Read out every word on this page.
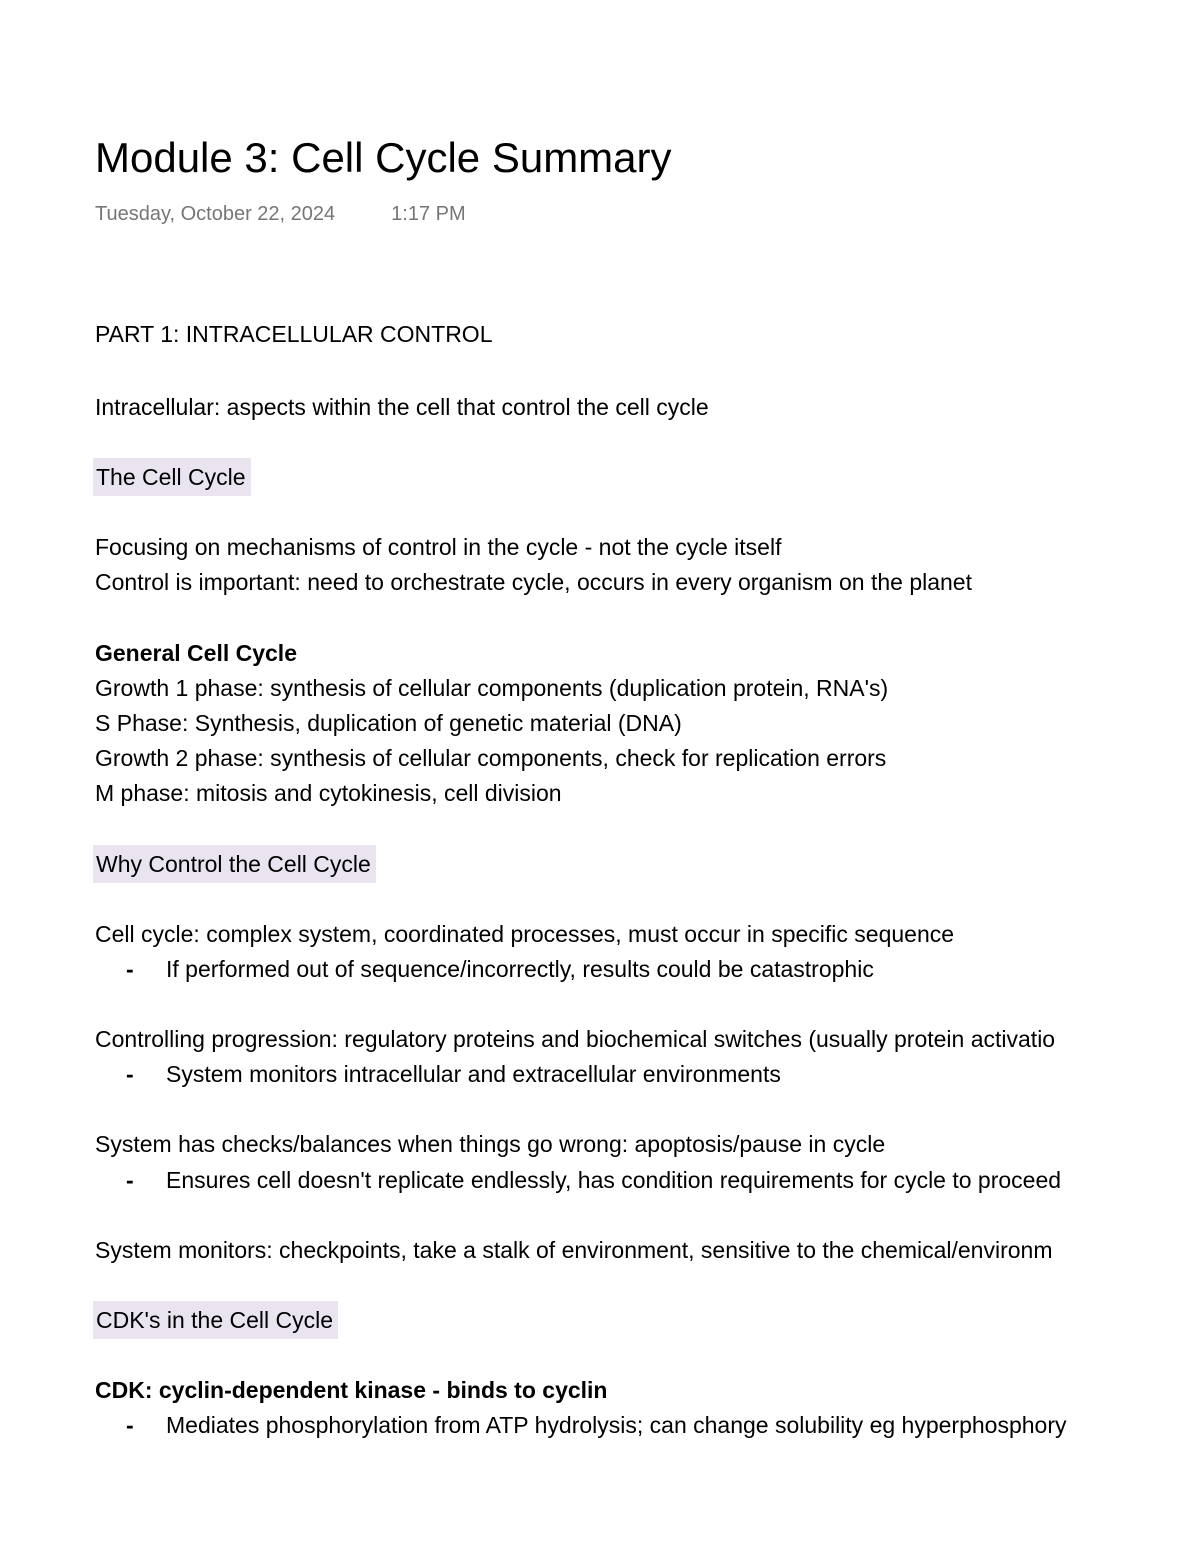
Module 3: Cell Cycle Summary
Tuesday, October 22, 2024	1:17 PM
PART 1: INTRACELLULAR CONTROL
Intracellular: aspects within the cell that control the cell cycle
The Cell Cycle
Focusing on mechanisms of control in the cycle - not the cycle itself
Control is important: need to orchestrate cycle, occurs in every organism on the planet
General Cell Cycle
Growth 1 phase: synthesis of cellular components (duplication protein, RNA's)
S Phase: Synthesis, duplication of genetic material (DNA)
Growth 2 phase: synthesis of cellular components, check for replication errors
M phase: mitosis and cytokinesis, cell division
Why Control the Cell Cycle
Cell cycle: complex system, coordinated processes, must occur in specific sequence
- If performed out of sequence/incorrectly, results could be catastrophic
Controlling progression: regulatory proteins and biochemical switches (usually protein activatio
- System monitors intracellular and extracellular environments
System has checks/balances when things go wrong: apoptosis/pause in cycle
- Ensures cell doesn't replicate endlessly, has condition requirements for cycle to proceed
System monitors: checkpoints, take a stalk of environment, sensitive to the chemical/environm
CDK's in the Cell Cycle
CDK: cyclin-dependent kinase - binds to cyclin
- Mediates phosphorylation from ATP hydrolysis; can change solubility eg hyperphosphory
